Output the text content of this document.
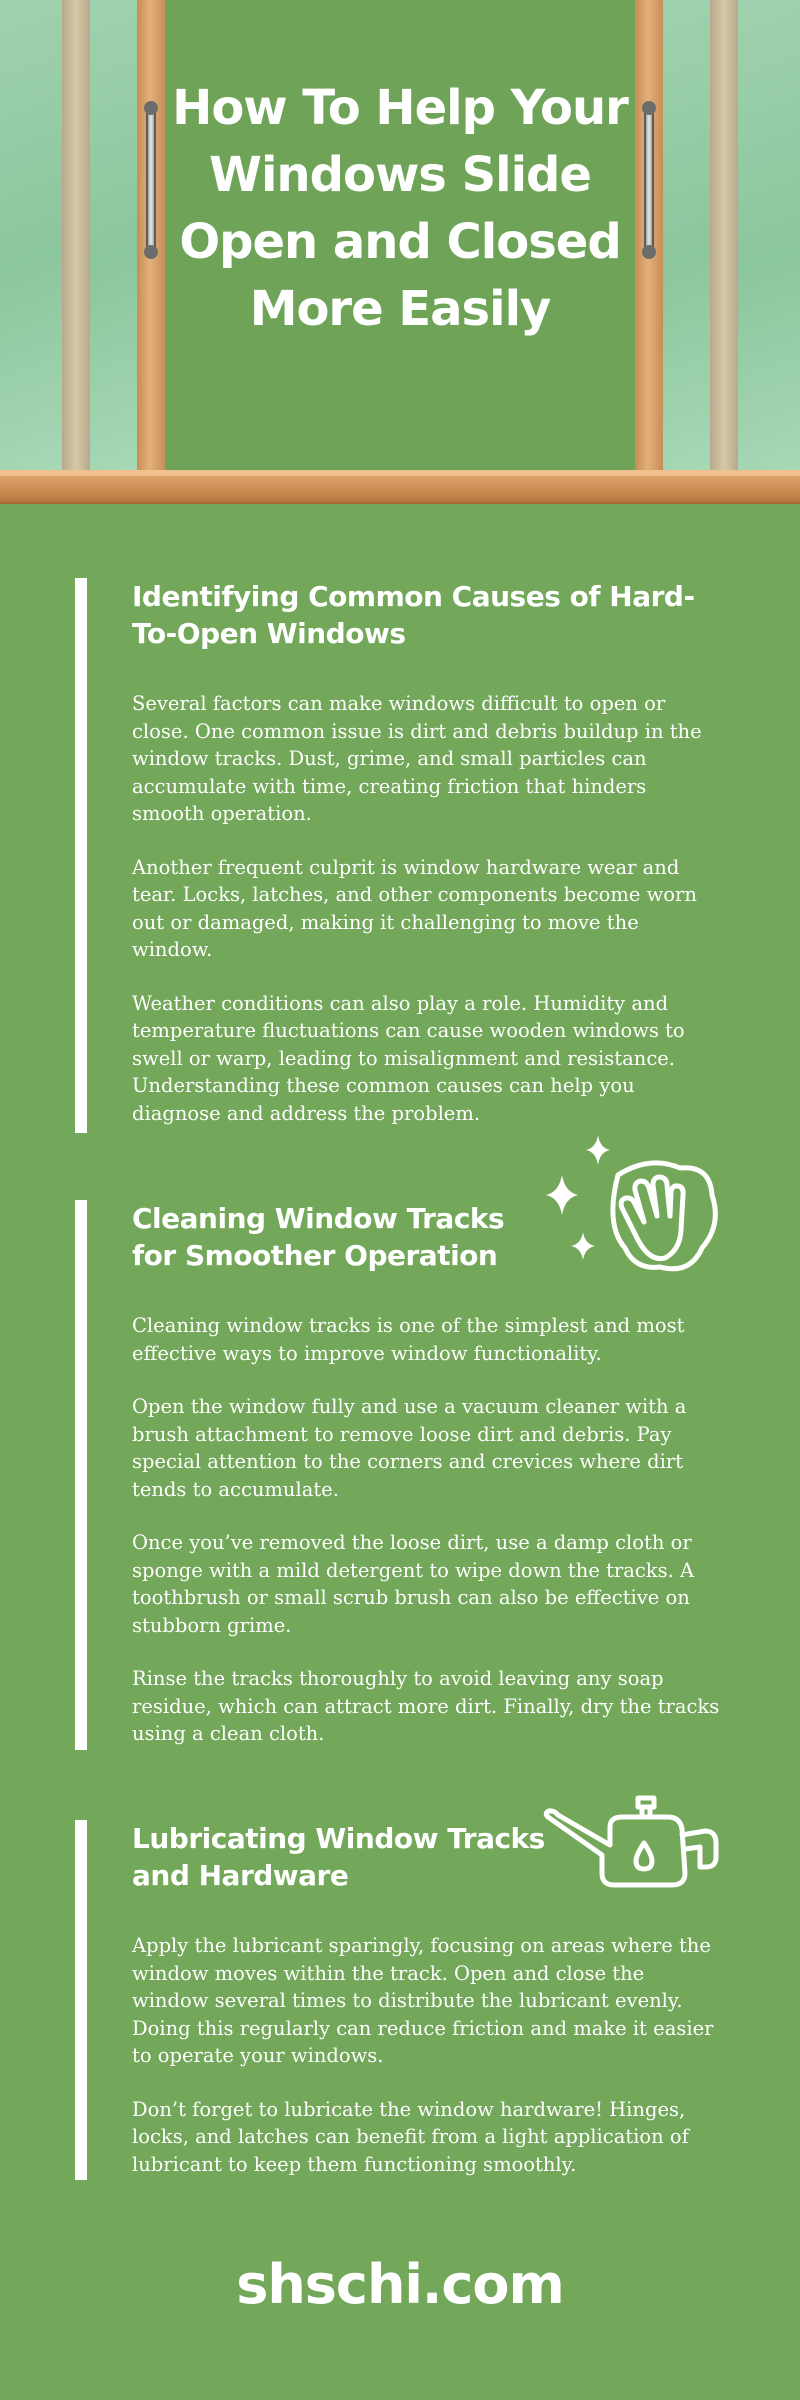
How To Help Your Windows Slide Open and Closed More Easily
Identifying Common Causes of Hard-To-Open Windows

Several factors can make windows difficult to open or close. One common issue is dirt and debris buildup in the window tracks. Dust, grime, and small particles can accumulate with time, creating friction that hinders smooth operation.

Another frequent culprit is window hardware wear and tear. Locks, latches, and other components become worn out or damaged, making it challenging to move the window.

Weather conditions can also play a role. Humidity and temperature fluctuations can cause wooden windows to swell or warp, leading to misalignment and resistance. Understanding these common causes can help you diagnose and address the problem.

Cleaning Window Tracks for Smoother Operation

Cleaning window tracks is one of the simplest and most effective ways to improve window functionality.

Open the window fully and use a vacuum cleaner with a brush attachment to remove loose dirt and debris. Pay special attention to the corners and crevices where dirt tends to accumulate.

Once you’ve removed the loose dirt, use a damp cloth or sponge with a mild detergent to wipe down the tracks. A toothbrush or small scrub brush can also be effective on stubborn grime.

Rinse the tracks thoroughly to avoid leaving any soap residue, which can attract more dirt. Finally, dry the tracks using a clean cloth.

Lubricating Window Tracks and Hardware

Apply the lubricant sparingly, focusing on areas where the window moves within the track. Open and close the window several times to distribute the lubricant evenly. Doing this regularly can reduce friction and make it easier to operate your windows.

Don’t forget to lubricate the window hardware! Hinges, locks, and latches can benefit from a light application of lubricant to keep them functioning smoothly.

shschi.com
